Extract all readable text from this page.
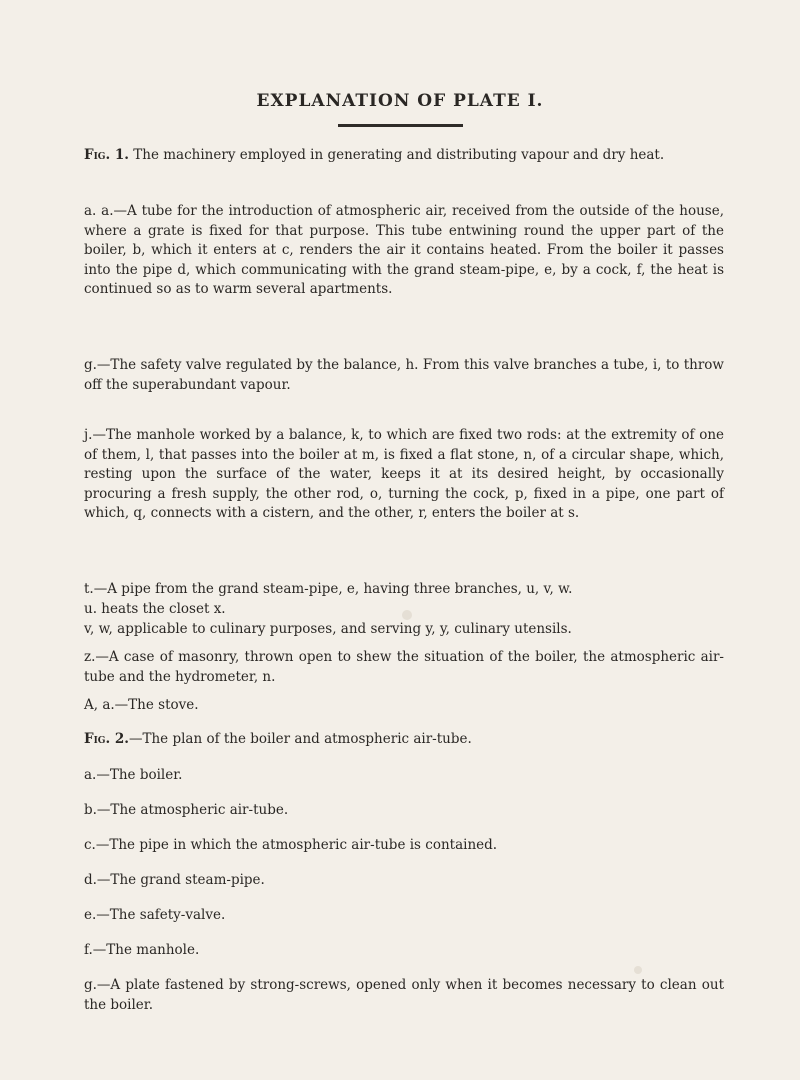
EXPLANATION OF PLATE I.

Fig. 1. The machinery employed in generating and distributing vapour and dry heat.

a. a.—A tube for the introduction of atmospheric air, received from the outside of the house, where a grate is fixed for that purpose. This tube entwining round the upper part of the boiler, b, which it enters at c, renders the air it contains heated. From the boiler it passes into the pipe d, which communicating with the grand steam-pipe, e, by a cock, f, the heat is continued so as to warm several apartments.

g.—The safety valve regulated by the balance, h. From this valve branches a tube, i, to throw off the superabundant vapour.

j.—The manhole worked by a balance, k, to which are fixed two rods: at the extremity of one of them, l, that passes into the boiler at m, is fixed a flat stone, n, of a circular shape, which, resting upon the surface of the water, keeps it at its desired height, by occasionally procuring a fresh supply, the other rod, o, turning the cock, p, fixed in a pipe, one part of which, q, connects with a cistern, and the other, r, enters the boiler at s.

t.—A pipe from the grand steam-pipe, e, having three branches, u, v, w.

u. heats the closet x.

v, w, applicable to culinary purposes, and serving y, y, culinary utensils.

z.—A case of masonry, thrown open to shew the situation of the boiler, the atmospheric air-tube and the hydrometer, n.

A, a.—The stove.

Fig. 2.—The plan of the boiler and atmospheric air-tube.

a.—The boiler.

b.—The atmospheric air-tube.

c.—The pipe in which the atmospheric air-tube is contained.

d.—The grand steam-pipe.

e.—The safety-valve.

f.—The manhole.

g.—A plate fastened by strong-screws, opened only when it becomes necessary to clean out the boiler.
